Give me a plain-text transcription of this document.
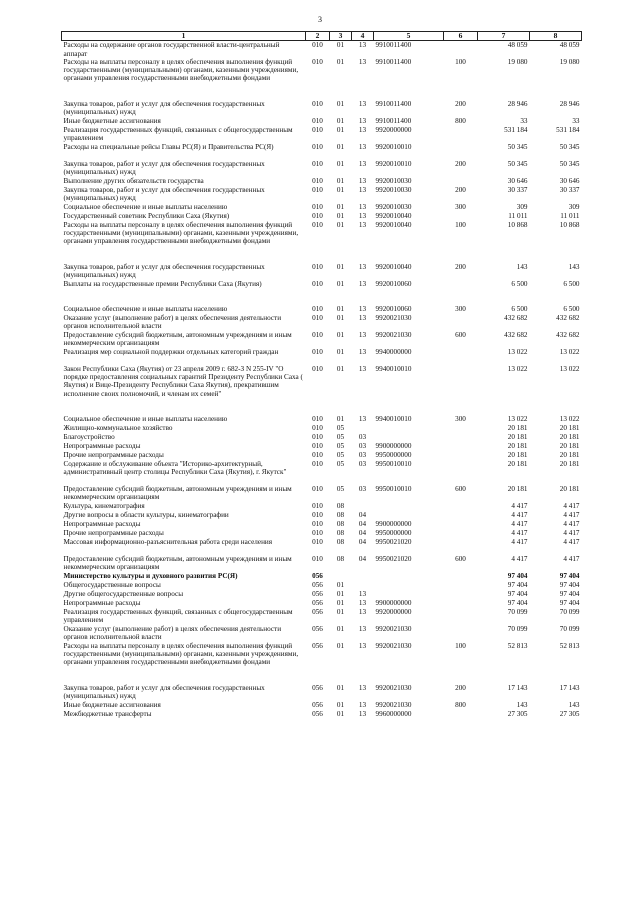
3
1	2	3	4	5	6	7	8
Расходы на содержание органов государственной власти-центральный аппарат	010	01	13	9910011400		48 059	48 059
Расходы на выплаты персоналу в целях обеспечения выполнения функций государственными (муниципальными) органами, казенными учреждениями, органами управления государственными внебюджетными фондами	010	01	13	9910011400	100	19 080	19 080
Закупка товаров, работ и услуг для обеспечения государственных (муниципальных) нужд	010	01	13	9910011400	200	28 946	28 946
Иные бюджетные ассигнования	010	01	13	9910011400	800	33	33
Реализация государственных функций, связанных с общегосударственным управлением	010	01	13	9920000000		531 184	531 184
Расходы на специальные рейсы Главы РС(Я) и Правительства РС(Я)	010	01	13	9920010010		50 345	50 345
Закупка товаров, работ и услуг для обеспечения государственных (муниципальных) нужд	010	01	13	9920010010	200	50 345	50 345
Выполнение других обязательств государства	010	01	13	9920010030		30 646	30 646
Закупка товаров, работ и услуг для обеспечения государственных (муниципальных) нужд	010	01	13	9920010030	200	30 337	30 337
Социальное обеспечение и иные выплаты населению	010	01	13	9920010030	300	309	309
Государственный советник Республики Саха (Якутия)	010	01	13	9920010040		11 011	11 011
Расходы на выплаты персоналу в целях обеспечения выполнения функций государственными (муниципальными) органами, казенными учреждениями, органами управления государственными внебюджетными фондами	010	01	13	9920010040	100	10 868	10 868
Закупка товаров, работ и услуг для обеспечения государственных (муниципальных) нужд	010	01	13	9920010040	200	143	143
Выплаты на государственные премии Республики Саха (Якутия)	010	01	13	9920010060		6 500	6 500
Социальное обеспечение и иные выплаты населению	010	01	13	9920010060	300	6 500	6 500
Оказание услуг (выполнение работ) в целях обеспечения деятельности органов исполнительной власти	010	01	13	9920021030		432 682	432 682
Предоставление субсидий бюджетным, автономным учреждениям и иным некоммерческим организациям	010	01	13	9920021030	600	432 682	432 682
Реализация мер социальной поддержки отдельных категорий граждан	010	01	13	9940000000		13 022	13 022
Закон Республики Саха (Якутия) от 23 апреля 2009 г. 682-З N 255-IV "О порядке предоставления социальных гарантий Президенту Республики Саха ( Якутия) и Вице-Президенту Республики Саха Якутия), прекратившим исполнение своих полномочий, и членам их семей"	010	01	13	9940010010		13 022	13 022
Социальное обеспечение и иные выплаты населению	010	01	13	9940010010	300	13 022	13 022
Жилищно-коммунальное хозяйство	010	05				20 181	20 181
Благоустройство	010	05	03			20 181	20 181
Непрограммные расходы	010	05	03	9900000000		20 181	20 181
Прочие непрограммные расходы	010	05	03	9950000000		20 181	20 181
Содержание и обслуживание объекта "Историко-архитектурный, административный центр столицы Республики Саха (Якутия), г. Якутск"	010	05	03	9950010010		20 181	20 181
Предоставление субсидий бюджетным, автономным учреждениям и иным некоммерческим организациям	010	05	03	9950010010	600	20 181	20 181
Культура, кинематография	010	08				4 417	4 417
Другие вопросы в области культуры, кинематографии	010	08	04			4 417	4 417
Непрограммные расходы	010	08	04	9900000000		4 417	4 417
Прочие непрограммные расходы	010	08	04	9950000000		4 417	4 417
Массовая информационно-разъяснительная работа среди населения	010	08	04	9950021020		4 417	4 417
Предоставление субсидий бюджетным, автономным учреждениям и иным некоммерческим организациям	010	08	04	9950021020	600	4 417	4 417
Министерство культуры и духовного развития РС(Я)	056					97 404	97 404
Общегосударственные вопросы	056	01				97 404	97 404
Другие общегосударственные вопросы	056	01	13			97 404	97 404
Непрограммные расходы	056	01	13	9900000000		97 404	97 404
Реализация государственных функций, связанных с общегосударственным управлением	056	01	13	9920000000		70 099	70 099
Оказание услуг (выполнение работ) в целях обеспечения деятельности органов исполнительной власти	056	01	13	9920021030		70 099	70 099
Расходы на выплаты персоналу в целях обеспечения выполнения функций государственными (муниципальными) органами, казенными учреждениями, органами управления государственными внебюджетными фондами	056	01	13	9920021030	100	52 813	52 813
Закупка товаров, работ и услуг для обеспечения государственных (муниципальных) нужд	056	01	13	9920021030	200	17 143	17 143
Иные бюджетные ассигнования	056	01	13	9920021030	800	143	143
Межбюджетные трансферты	056	01	13	9960000000		27 305	27 305
